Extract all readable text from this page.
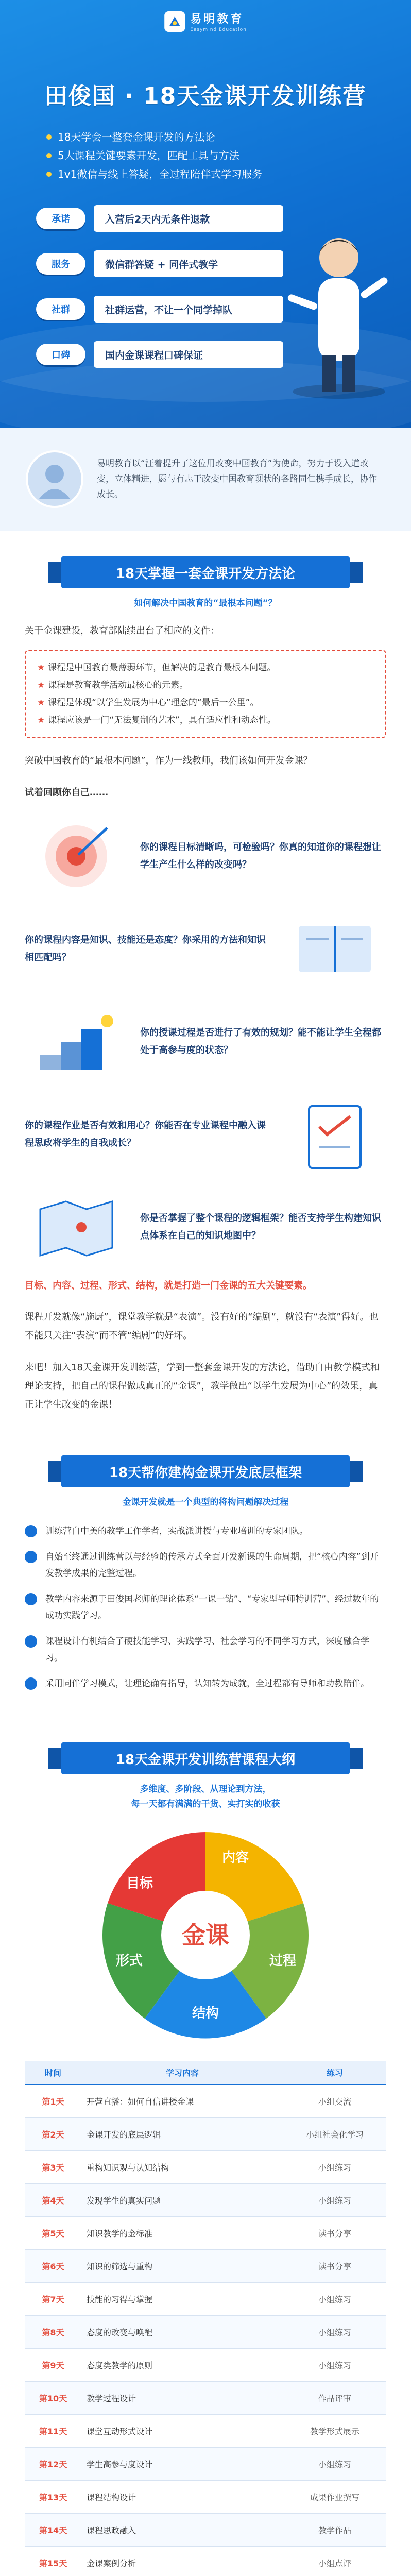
易明教育
Easymind Education
田俊国 · 18天金课开发训练营
18天学会一整套金课开发的方法论
5大课程关键要素开发，匹配工具与方法
1v1微信与线上答疑，全过程陪伴式学习服务
承诺	入营后2天内无条件退款
服务	微信群答疑 + 同伴式教学
社群	社群运营，不让一个同学掉队
口碑	国内金课课程口碑保证
易明教育以“汪着提升了这位用改变中国教育”为使命，努力于设入道改变，立体精进，愿与有志于改变中国教育现状的各路同仁携手成长，协作成长。
18天掌握一套金课开发方法论
如何解决中国教育的“最根本问题”？
关于金课建设，教育部陆续出台了相应的文件：
★ 课程是中国教育最薄弱环节，但解决的是教育最根本问题。
★ 课程是教育教学活动最核心的元素。
★ 课程是体现“以学生发展为中心”理念的“最后一公里”。
★ 课程应该是一门“无法复制的艺术”，具有适应性和动态性。
突破中国教育的“最根本问题”，作为一线教师，我们该如何开发金课？
试着回顾你自己……
你的课程目标清晰吗，可检验吗？你真的知道你的课程想让学生产生什么样的改变吗？
你的课程内容是知识、技能还是态度？你采用的方法和知识相匹配吗？
你的授课过程是否进行了有效的规划？能不能让学生全程都处于高参与度的状态？
你的课程作业是否有效和用心？你能否在专业课程中融入课程思政将学生的自我成长？
你是否掌握了整个课程的逻辑框架？能否支持学生构建知识点体系在自己的知识地图中？
目标、内容、过程、形式、结构，就是打造一门金课的五大关键要素。
课程开发就像“施厨”，课堂教学就是“表演”。没有好的“编剧”，就没有“表演”得好。也不能只关注“表演”而不管“编剧”的好坏。
来吧！加入18天金课开发训练营，学到一整套金课开发的方法论，借助自由教学模式和理论支持，把自己的课程做成真正的“金课”，教学做出“以学生发展为中心”的效果，真正让学生改变的金课！
18天帮你建构金课开发底层框架
金课开发就是一个典型的将构问题解决过程
训练营自中美的教学工作学者，实战派讲授与专业培训的专家团队。
自始至终通过训练营以与经验的传承方式全面开发新课的生命周期，把“核心内容”到开发教学成果的完整过程。
教学内容来源于田俊国老师的理论体系“一课一钻”、“专家型导师特训营”、经过数年的成功实践学习。
课程设计有机结合了硬技能学习、实践学习、社会学习的不同学习方式，深度融合学习。
采用同伴学习模式，让理论确有指导，认知转为成就，全过程都有导师和助教陪伴。
18天金课开发训练营课程大纲
多维度、多阶段、从理论到方法，
每一天都有满满的干货、实打实的收获
金课
目标
内容
过程
结构
形式
时间	学习内容	练习
第1天	开营直播：如何自信讲授金课	小组交流
第2天	金课开发的底层逻辑	小组社会化学习
第3天	重构知识观与认知结构	小组练习
第4天	发现学生的真实问题	小组练习
第5天	知识教学的金标准	读书分享
第6天	知识的筛选与重构	读书分享
第7天	技能的习得与掌握	小组练习
第8天	态度的改变与唤醒	小组练习
第9天	态度类教学的原则	小组练习
第10天	教学过程设计	作品评审
第11天	课堂互动形式设计	教学形式展示
第12天	学生高参与度设计	小组练习
第13天	课程结构设计	成果作业撰写
第14天	课程思政融入	教学作品
第15天	金课案例分析	小组点评
